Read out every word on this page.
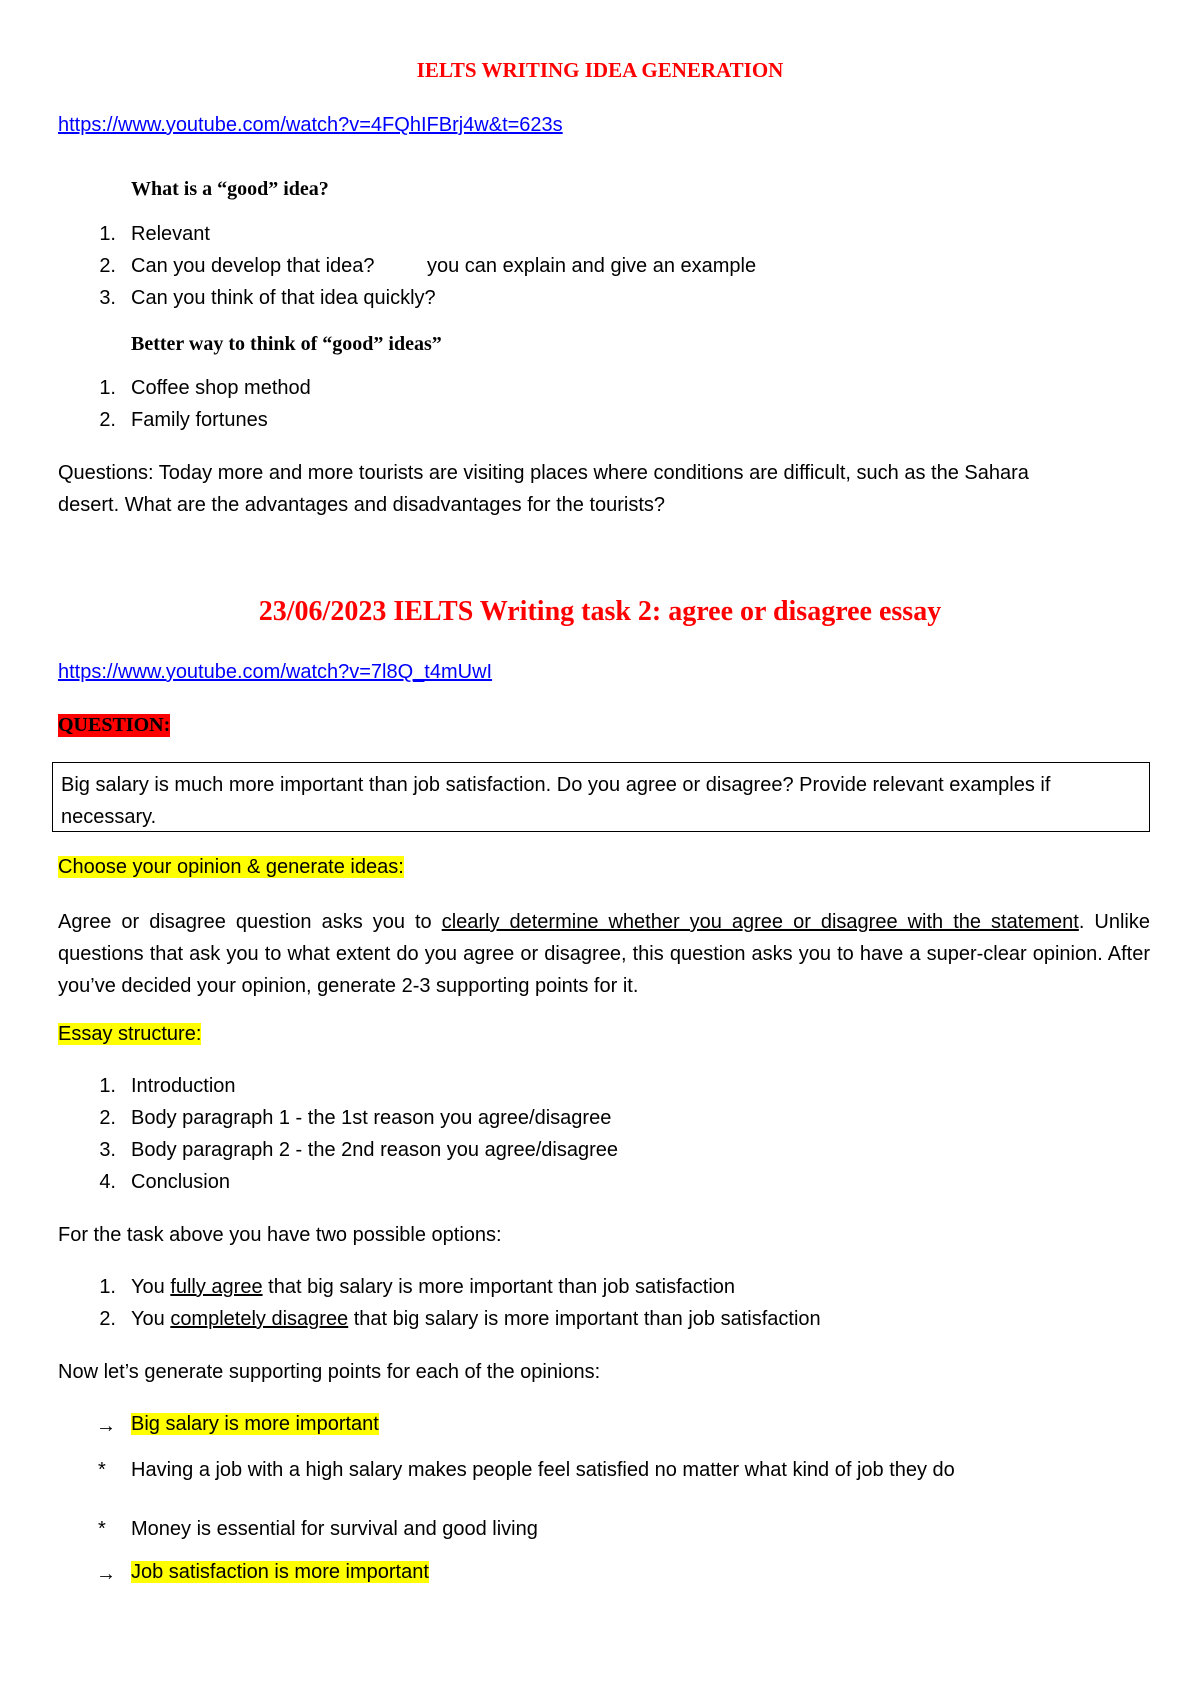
IELTS WRITING IDEA GENERATION
https://www.youtube.com/watch?v=4FQhIFBrj4w&t=623s
What is a “good” idea?
1. Relevant
2. Can you develop that idea?	you can explain and give an example
3. Can you think of that idea quickly?
Better way to think of “good” ideas”
1. Coffee shop method
2. Family fortunes
Questions: Today more and more tourists are visiting places where conditions are difficult, such as the Sahara
desert. What are the advantages and disadvantages for the tourists?
23/06/2023 IELTS Writing task 2: agree or disagree essay
https://www.youtube.com/watch?v=7l8Q_t4mUwI
QUESTION:
Big salary is much more important than job satisfaction. Do you agree or disagree? Provide relevant examples if necessary.
Choose your opinion & generate ideas:
Agree or disagree question asks you to clearly determine whether you agree or disagree with the statement. Unlike questions that ask you to what extent do you agree or disagree, this question asks you to have a super-clear opinion. After you’ve decided your opinion, generate 2-3 supporting points for it.
Essay structure:
1. Introduction
2. Body paragraph 1 - the 1st reason you agree/disagree
3. Body paragraph 2 - the 2nd reason you agree/disagree
4. Conclusion
For the task above you have two possible options:
1. You fully agree that big salary is more important than job satisfaction
2. You completely disagree that big salary is more important than job satisfaction
Now let’s generate supporting points for each of the opinions:
→ Big salary is more important
* Having a job with a high salary makes people feel satisfied no matter what kind of job they do
* Money is essential for survival and good living
→ Job satisfaction is more important
